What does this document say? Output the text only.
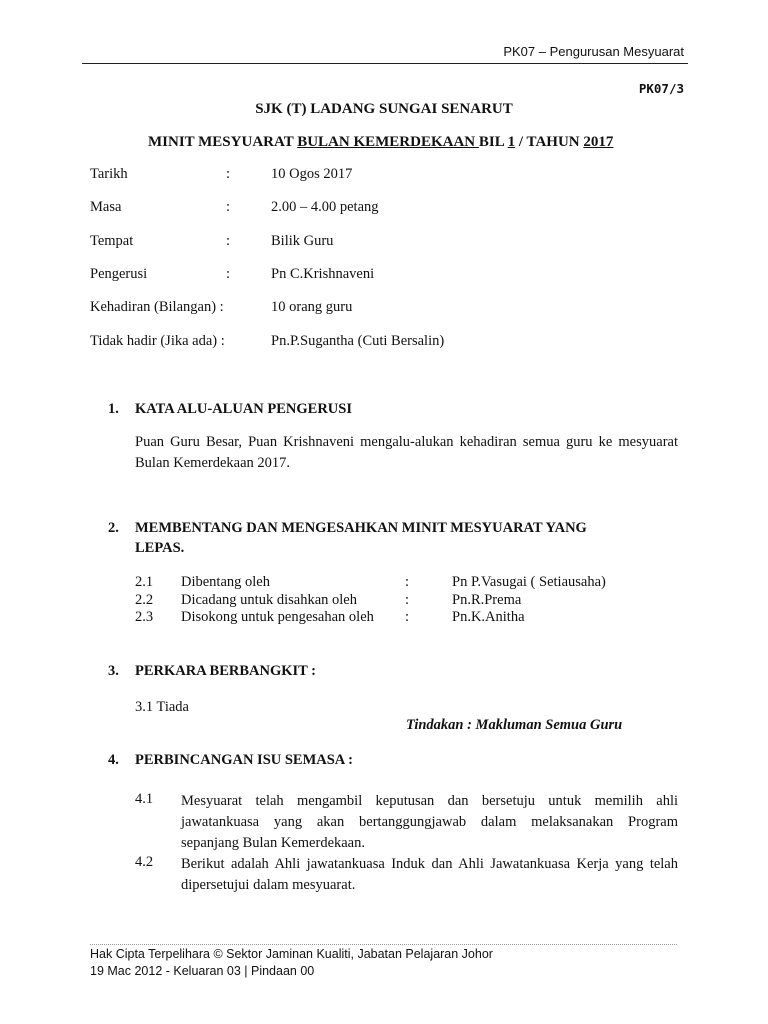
PK07 – Pengurusan Mesyuarat
PK07/3
SJK (T) LADANG SUNGAI SENARUT
MINIT MESYUARAT BULAN KEMERDEKAAN BIL 1 / TAHUN 2017
Tarikh	:	10 Ogos 2017
Masa	:	2.00 – 4.00 petang
Tempat	:	Bilik Guru
Pengerusi	:	Pn C.Krishnaveni
Kehadiran (Bilangan) :	10 orang guru
Tidak hadir (Jika ada) :	Pn.P.Sugantha (Cuti Bersalin)
1. KATA ALU-ALUAN PENGERUSI
Puan Guru Besar, Puan Krishnaveni mengalu-alukan kehadiran semua guru ke mesyuarat
Bulan Kemerdekaan 2017.
2. MEMBENTANG DAN MENGESAHKAN MINIT MESYUARAT YANG
LEPAS.
2.1 Dibentang oleh	:	Pn P.Vasugai ( Setiausaha)
2.2 Dicadang untuk disahkan oleh	:	Pn.R.Prema
2.3 Disokong untuk pengesahan oleh :	Pn.K.Anitha
3. PERKARA BERBANGKIT :
3.1 Tiada
Tindakan : Makluman Semua Guru
4. PERBINCANGAN ISU SEMASA :
4.1 Mesyuarat telah mengambil keputusan dan bersetuju untuk memilih ahli
jawatankuasa yang akan bertanggungjawab dalam melaksanakan Program
sepanjang Bulan Kemerdekaan.
4.2 Berikut adalah Ahli jawatankuasa Induk dan Ahli Jawatankuasa Kerja yang telah
dipersetujui dalam mesyuarat.
Hak Cipta Terpelihara © Sektor Jaminan Kualiti, Jabatan Pelajaran Johor
19 Mac 2012 - Keluaran 03 | Pindaan 00
